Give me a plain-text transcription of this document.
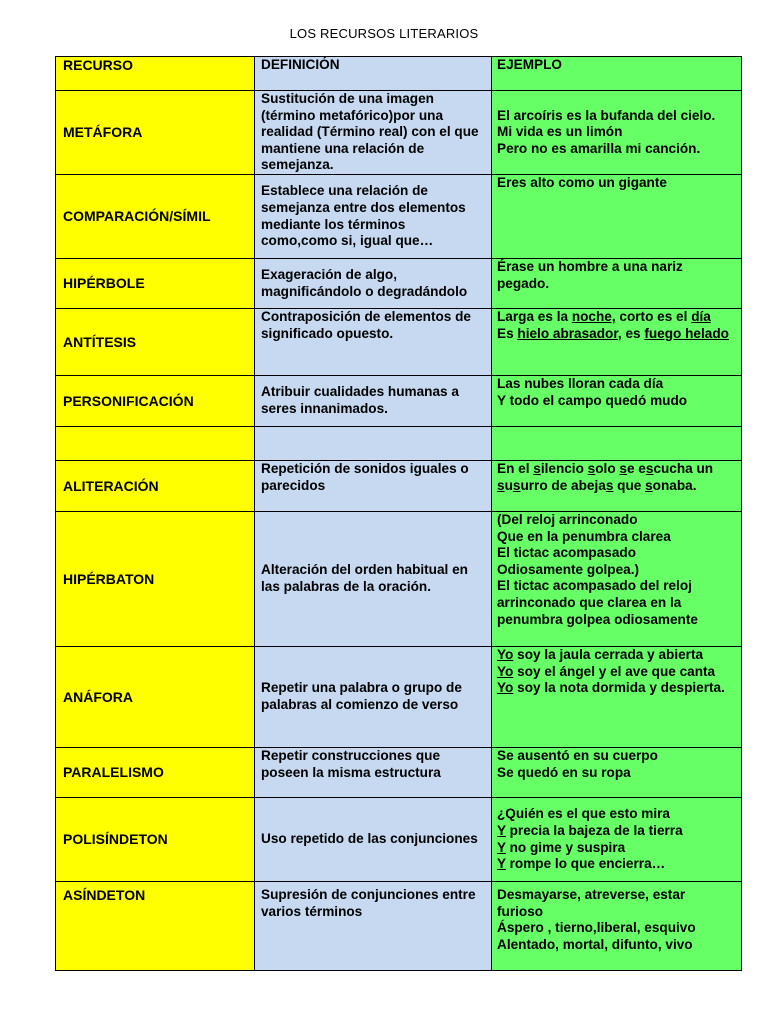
LOS RECURSOS LITERARIOS
RECURSO	DEFINICIÓN	EJEMPLO
METÁFORA	Sustitución de una imagen (término metafórico)por una realidad (Término real) con el que mantiene una relación de semejanza.	El arcoíris es la bufanda del cielo.
Mi vida es un limón
Pero no es amarilla mi canción.

COMPARACIÓN/SÍMIL	Establece una relación de semejanza entre dos elementos mediante los términos como,como si, igual que…	Eres alto como un gigante
HIPÉRBOLE	Exageración de algo, magnificándolo o degradándolo	Érase un hombre a una nariz pegado.
ANTÍTESIS	Contraposición de elementos de significado opuesto.	Larga es la noche, corto es el día
Es hielo abrasador, es fuego helado

PERSONIFICACIÓN	Atribuir cualidades humanas a seres innanimados.	Las nubes lloran cada día
Y todo el campo quedó mudo

ALITERACIÓN	Repetición de sonidos iguales o parecidos	En el silencio solo se escucha un susurro de abejas que sonaba.
HIPÉRBATON	Alteración del orden habitual en las palabras de la oración.	(Del reloj arrinconado
Que en la penumbra clarea
El tictac acompasado
Odiosamente golpea.)
El tictac acompasado del reloj arrinconado que clarea en la penumbra golpea odiosamente
ANÁFORA	Repetir una palabra o grupo de palabras al comienzo de verso	Yo soy la jaula cerrada y abierta
Yo soy el ángel y el ave que canta
Yo soy la nota dormida y despierta.

PARALELISMO	Repetir construcciones que poseen la misma estructura	Se ausentó en su cuerpo
Se quedó en su ropa

POLISÍNDETON	Uso repetido de las conjunciones	¿Quién es el que esto mira
Y precia la bajeza de la tierra
Y no gime y suspira
Y rompe lo que encierra…

ASÍNDETON	Supresión de conjunciones entre varios términos	Desmayarse, atreverse, estar furioso
Áspero , tierno,liberal, esquivo
Alentado, mortal, difunto, vivo
